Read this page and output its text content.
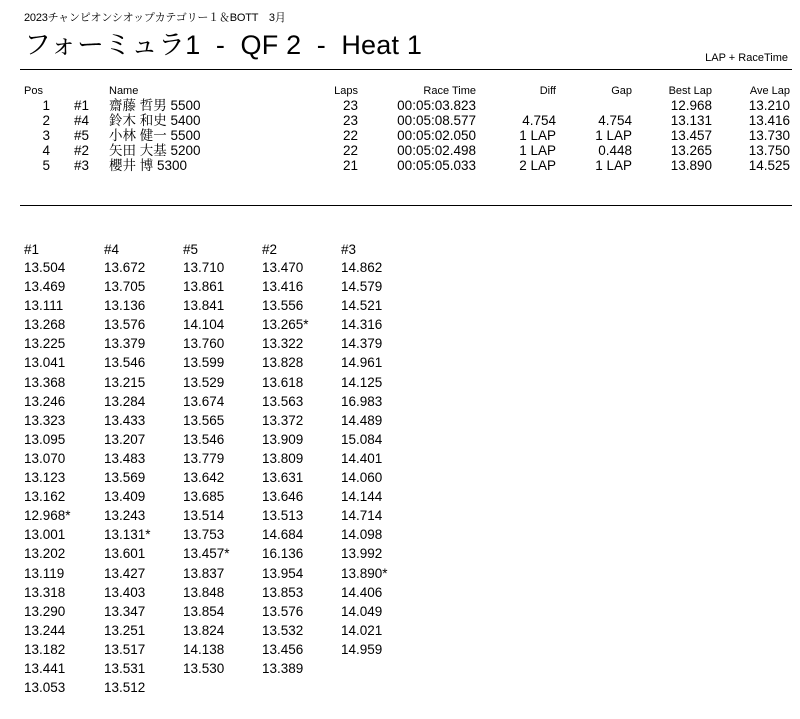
2023チャンピオンシオップカテゴリー１＆BOTT　3月
フォーミュラ1  -  QF 2  -  Heat 1	LAP + RaceTime
Pos
1
2
3
4
5
#1
#4
#5
#2
#3
Name
齋藤 哲男 5500
鈴木 和史 5400
小林 健一 5500
矢田 大基 5200
櫻井 博 5300
Laps
23
23
22
22
21
Race Time
00:05:03.823
00:05:08.577
00:05:02.050
00:05:02.498
00:05:05.033
Diff
4.754
1 LAP
1 LAP
2 LAP
Gap
4.754
1 LAP
0.448
1 LAP
Best Lap
12.968
13.131
13.457
13.265
13.890
Ave Lap
13.210
13.416
13.730
13.750
14.525
#1
13.504
13.469
13.111
13.268
13.225
13.041
13.368
13.246
13.323
13.095
13.070
13.123
13.162
12.968*
13.001
13.202
13.119
13.318
13.290
13.244
13.182
13.441
13.053
#4
13.672
13.705
13.136
13.576
13.379
13.546
13.215
13.284
13.433
13.207
13.483
13.569
13.409
13.243
13.131*
13.601
13.427
13.403
13.347
13.251
13.517
13.531
13.512
#5
13.710
13.861
13.841
14.104
13.760
13.599
13.529
13.674
13.565
13.546
13.779
13.642
13.685
13.514
13.753
13.457*
13.837
13.848
13.854
13.824
14.138
13.530
#2
13.470
13.416
13.556
13.265*
13.322
13.828
13.618
13.563
13.372
13.909
13.809
13.631
13.646
13.513
14.684
16.136
13.954
13.853
13.576
13.532
13.456
13.389
#3
14.862
14.579
14.521
14.316
14.379
14.961
14.125
16.983
14.489
15.084
14.401
14.060
14.144
14.714
14.098
13.992
13.890*
14.406
14.049
14.021
14.959
